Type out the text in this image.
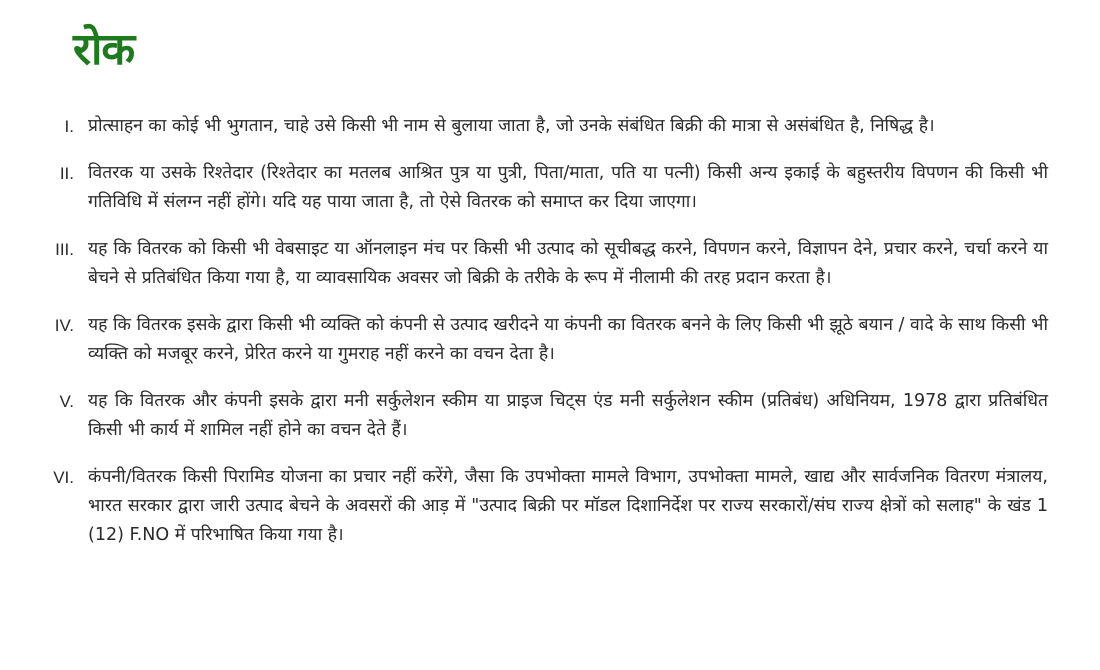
रोक
I. प्रोत्साहन का कोई भी भुगतान, चाहे उसे किसी भी नाम से बुलाया जाता है, जो उनके संबंधित बिक्री की मात्रा से असंबंधित है, निषिद्ध है।
II. वितरक या उसके रिश्तेदार (रिश्तेदार का मतलब आश्रित पुत्र या पुत्री, पिता/माता, पति या पत्नी) किसी अन्य इकाई के बहुस्तरीय विपणन की किसी भी गतिविधि में संलग्न नहीं होंगे। यदि यह पाया जाता है, तो ऐसे वितरक को समाप्त कर दिया जाएगा।
III. यह कि वितरक को किसी भी वेबसाइट या ऑनलाइन मंच पर किसी भी उत्पाद को सूचीबद्ध करने, विपणन करने, विज्ञापन देने, प्रचार करने, चर्चा करने या बेचने से प्रतिबंधित किया गया है, या व्यावसायिक अवसर जो बिक्री के तरीके के रूप में नीलामी की तरह प्रदान करता है।
IV. यह कि वितरक इसके द्वारा किसी भी व्यक्ति को कंपनी से उत्पाद खरीदने या कंपनी का वितरक बनने के लिए किसी भी झूठे बयान / वादे के साथ किसी भी व्यक्ति को मजबूर करने, प्रेरित करने या गुमराह नहीं करने का वचन देता है।
V. यह कि वितरक और कंपनी इसके द्वारा मनी सर्कुलेशन स्कीम या प्राइज चिट्स एंड मनी सर्कुलेशन स्कीम (प्रतिबंध) अधिनियम, 1978 द्वारा प्रतिबंधित किसी भी कार्य में शामिल नहीं होने का वचन देते हैं।
VI. कंपनी/वितरक किसी पिरामिड योजना का प्रचार नहीं करेंगे, जैसा कि उपभोक्ता मामले विभाग, उपभोक्ता मामले, खाद्य और सार्वजनिक वितरण मंत्रालय, भारत सरकार द्वारा जारी उत्पाद बेचने के अवसरों की आड़ में "उत्पाद बिक्री पर मॉडल दिशानिर्देश पर राज्य सरकारों/संघ राज्य क्षेत्रों को सलाह" के खंड 1 (12) F.NO में परिभाषित किया गया है।
